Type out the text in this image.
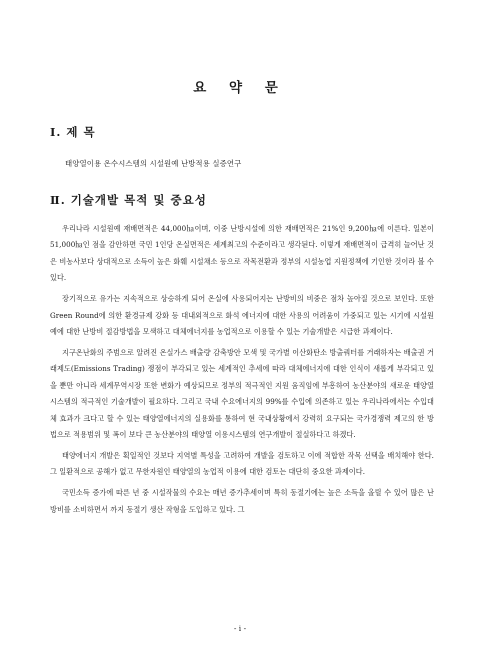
요 약 문
Ⅰ. 제 목
태양열이용 온수시스템의 시설원예 난방적용 실증연구
Ⅱ. 기술개발 목적 및 중요성

우리나라 시설원예 재배면적은 44,000㏊이며, 이중 난방시설에 의한 재배면적은 21%인 9,200㏊에 이른다. 일본이 51,000㏊인 점을 감안하면 국민 1인당 온실면적은 세계최고의 수준이라고 생각된다. 이렇게 재배면적이 급격히 늘어난 것은 비농사보다 상대적으로 소득이 높은 화훼 시설채소 등으로 작목전환과 정부의 시설농업 지원정책에 기인한 것이라 볼 수 있다.

장기적으로 유가는 지속적으로 상승하게 되어 온실에 사용되어지는 난방비의 비중은 점차 높아질 것으로 보인다. 또한 Green Round에 의한 환경규제 강화 등 대내외적으로 화석 에너지에 대한 사용의 어려움이 가중되고 있는 시기에 시설원예에 대한 난방비 절감방법을 모색하고 대체에너지를 농업적으로 이용할 수 있는 기술개발은 시급한 과제이다.

지구온난화의 주범으로 알려진 온실가스 배출량 감축방안 모색 및 국가별 이산화탄소 방출쿼터를 거래하자는 배출권 거래제도(Emissions Trading) 쟁점이 부각되고 있는 세계적인 추세에 따라 대체에너지에 대한 인식이 새롭게 부각되고 있을 뿐만 아니라 세계무역시장 또한 변화가 예상되므로 정부의 적극적인 지원 움직임에 부흥하여 농산분야의 새로운 태양열시스템의 적극적인 기술개발이 필요하다. 그리고 국내 수요에너지의 99%를 수입에 의존하고 있는 우리나라에서는 수입대체 효과가 크다고 할 수 있는 태양열에너지의 실용화를 통하여 현 국내상황에서 강력히 요구되는 국가경쟁력 제고의 한 방법으로 적용범위 및 폭이 보다 큰 농산분야의 태양열 이용시스템의 연구개발이 절실하다고 하겠다.

태양에너지 개발은 획일적인 것보다 지역별 특성을 고려하여 개발을 검토하고 이에 적합한 작목 선택을 배치해야 한다. 그 일환적으로 공해가 없고 무한자원인 태양열의 농업적 이용에 대한 검토는 대단히 중요한 과제이다.

국민소득 증가에 따른 년 중 시설작물의 수요는 매년 증가추세이며 특히 동절기에는 높은 소득을 올릴 수 있어 많은 난방비를 소비하면서 까지 동절기 생산 작형을 도입하고 있다. 그

- i -
